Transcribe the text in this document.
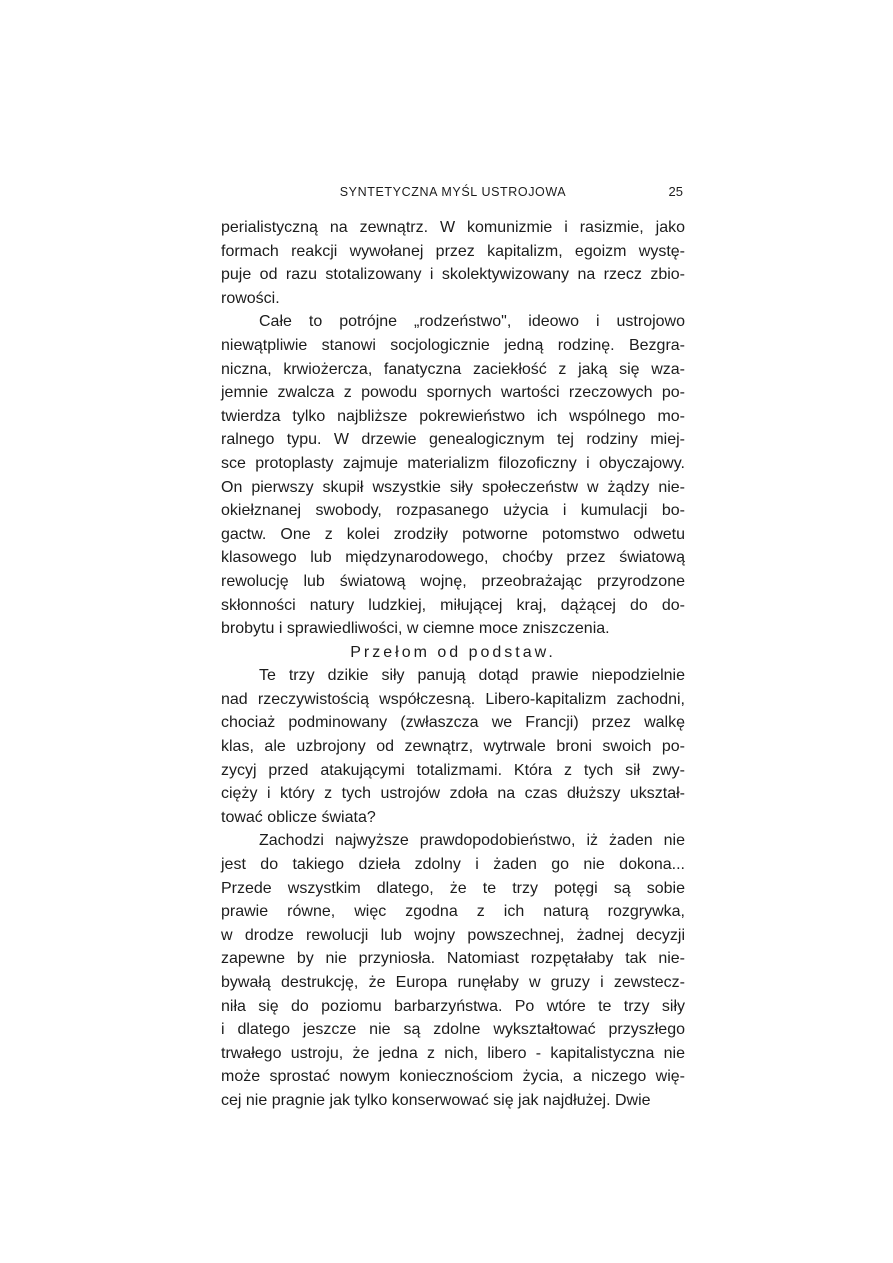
SYNTETYCZNA MYŚL USTROJOWA	25
perialistyczną na zewnątrz. W komunizmie i rasizmie, jako
formach reakcji wywołanej przez kapitalizm, egoizm wystę-
puje od razu stotalizowany i skolektywizowany na rzecz zbio-
rowości.
Całe to potrójne „rodzeństwo", ideowo i ustrojowo
niewątpliwie stanowi socjologicznie jedną rodzinę. Bezgra-
niczna, krwiożercza, fanatyczna zaciekłość z jaką się wza-
jemnie zwalcza z powodu spornych wartości rzeczowych po-
twierdza tylko najbliższe pokrewieństwo ich wspólnego mo-
ralnego typu. W drzewie genealogicznym tej rodziny miej-
sce protoplasty zajmuje materializm filozoficzny i obyczajowy.
On pierwszy skupił wszystkie siły społeczeństw w żądzy nie-
okiełznanej swobody, rozpasanego użycia i kumulacji bo-
gactw. One z kolei zrodziły potworne potomstwo odwetu
klasowego lub międzynarodowego, choćby przez światową
rewolucję lub światową wojnę, przeobrażając przyrodzone
skłonności natury ludzkiej, miłującej kraj, dążącej do do-
brobytu i sprawiedliwości, w ciemne moce zniszczenia.
Przełom od podstaw.
Te trzy dzikie siły panują dotąd prawie niepodzielnie
nad rzeczywistością współczesną. Libero-kapitalizm zachodni,
chociaż podminowany (zwłaszcza we Francji) przez walkę
klas, ale uzbrojony od zewnątrz, wytrwale broni swoich po-
zycyj przed atakującymi totalizmami. Która z tych sił zwy-
cięży i który z tych ustrojów zdoła na czas dłuższy ukształ-
tować oblicze świata?
Zachodzi najwyższe prawdopodobieństwo, iż żaden nie
jest do takiego dzieła zdolny i żaden go nie dokona...
Przede wszystkim dlatego, że te trzy potęgi są sobie
prawie równe, więc zgodna z ich naturą rozgrywka,
w drodze rewolucji lub wojny powszechnej, żadnej decyzji
zapewne by nie przyniosła. Natomiast rozpętałaby tak nie-
bywałą destrukcję, że Europa runęłaby w gruzy i zewstecz-
niła się do poziomu barbarzyństwa. Po wtóre te trzy siły
i dlatego jeszcze nie są zdolne wykształtować przyszłego
trwałego ustroju, że jedna z nich, libero - kapitalistyczna nie
może sprostać nowym koniecznościom życia, a niczego wię-
cej nie pragnie jak tylko konserwować się jak najdłużej. Dwie
